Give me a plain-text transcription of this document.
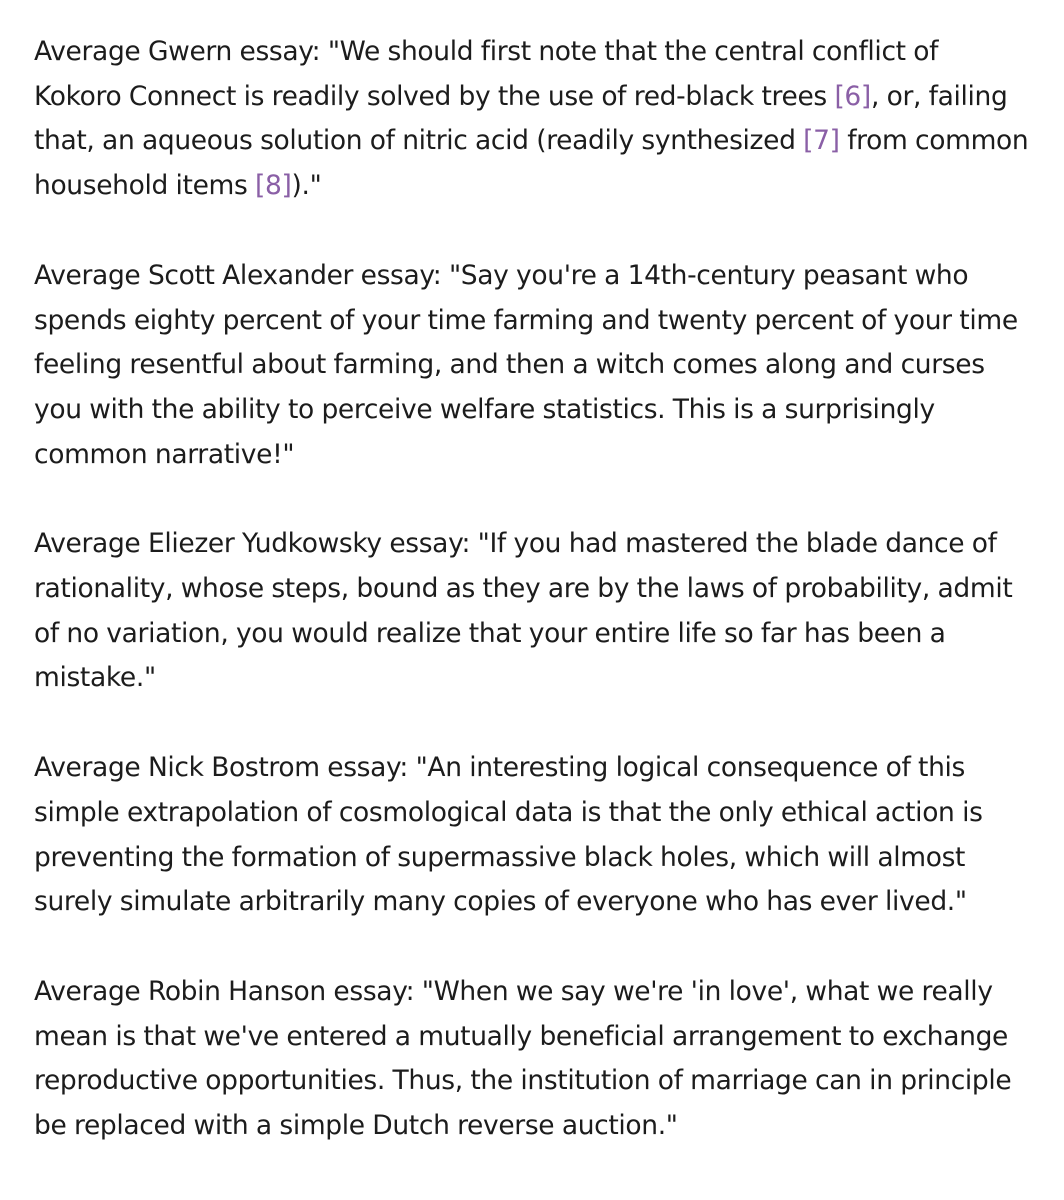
Average Gwern essay: "We should first note that the central conflict of
Kokoro Connect is readily solved by the use of red-black trees [6], or, failing
that, an aqueous solution of nitric acid (readily synthesized [7] from common
household items [8])."

Average Scott Alexander essay: "Say you're a 14th-century peasant who
spends eighty percent of your time farming and twenty percent of your time
feeling resentful about farming, and then a witch comes along and curses
you with the ability to perceive welfare statistics. This is a surprisingly
common narrative!"

Average Eliezer Yudkowsky essay: "If you had mastered the blade dance of
rationality, whose steps, bound as they are by the laws of probability, admit
of no variation, you would realize that your entire life so far has been a
mistake."

Average Nick Bostrom essay: "An interesting logical consequence of this
simple extrapolation of cosmological data is that the only ethical action is
preventing the formation of supermassive black holes, which will almost
surely simulate arbitrarily many copies of everyone who has ever lived."

Average Robin Hanson essay: "When we say we're 'in love', what we really
mean is that we've entered a mutually beneficial arrangement to exchange
reproductive opportunities. Thus, the institution of marriage can in principle
be replaced with a simple Dutch reverse auction."
